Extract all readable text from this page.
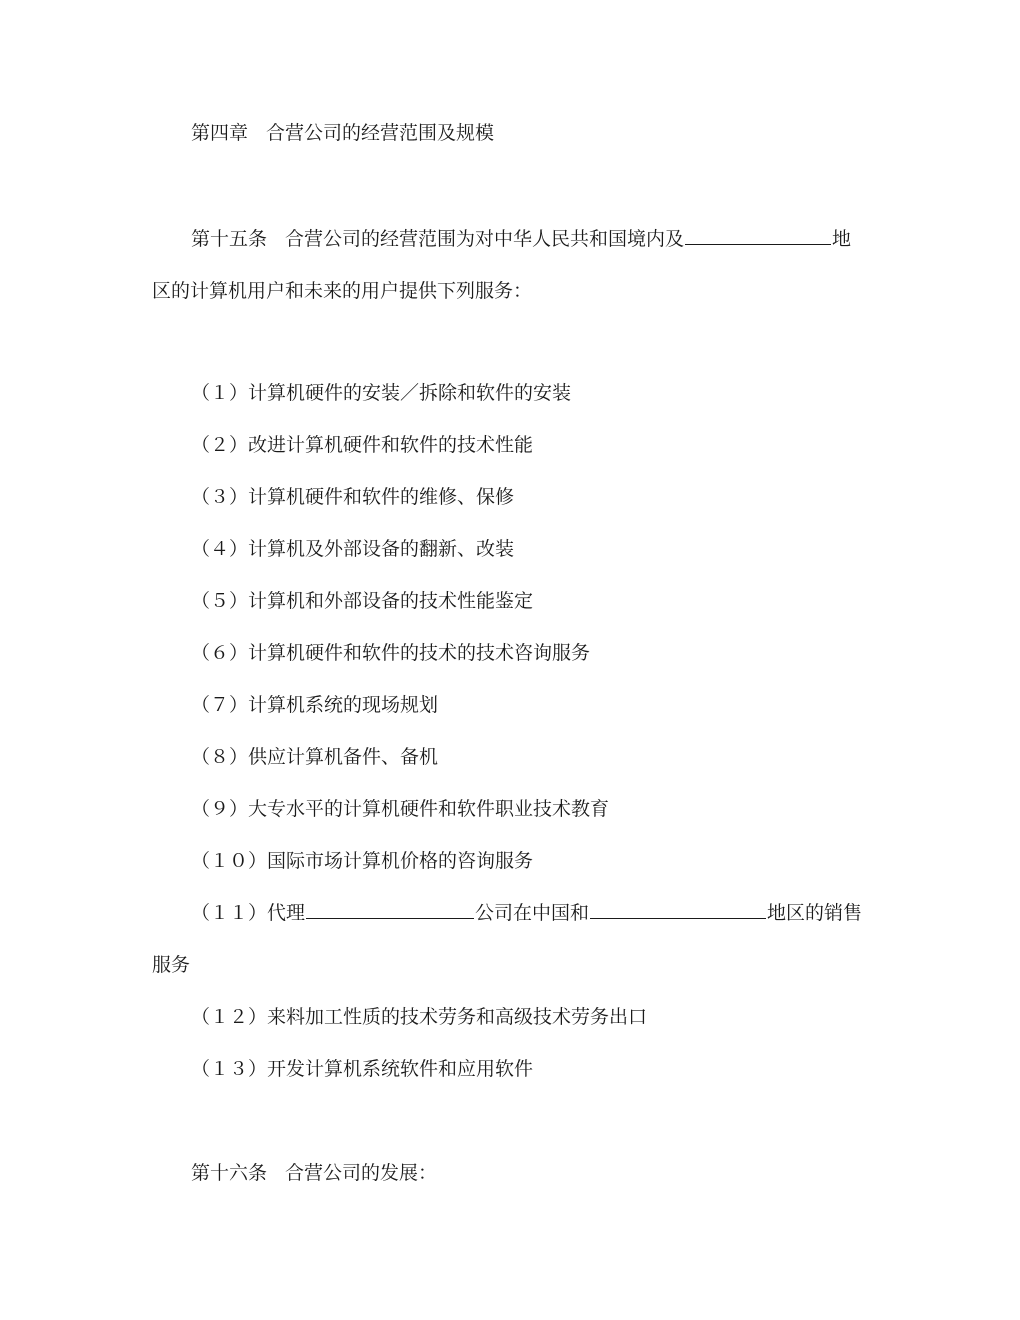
第四章 合营公司的经营范围及规模
第十五条 合营公司的经营范围为对中华人民共和国境内及	地
区的计算机用户和未来的用户提供下列服务：
（１）计算机硬件的安装／拆除和软件的安装
（２）改进计算机硬件和软件的技术性能
（３）计算机硬件和软件的维修、保修
（４）计算机及外部设备的翻新、改装
（５）计算机和外部设备的技术性能鉴定
（６）计算机硬件和软件的技术的技术咨询服务
（７）计算机系统的现场规划
（８）供应计算机备件、备机
（９）大专水平的计算机硬件和软件职业技术教育
（１０）国际市场计算机价格的咨询服务
（１１）代理	公司在中国和	地区的销售
服务
（１２）来料加工性质的技术劳务和高级技术劳务出口
（１３）开发计算机系统软件和应用软件
第十六条 合营公司的发展：
